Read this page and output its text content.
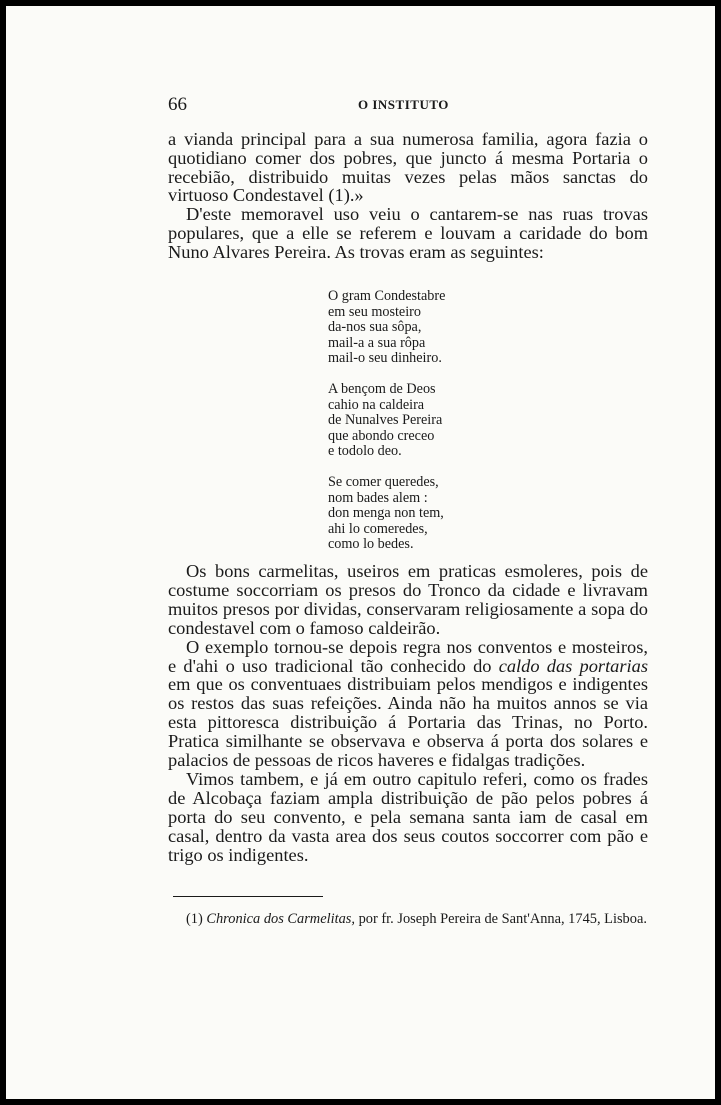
66	O INSTITUTO

a vianda principal para a sua numerosa familia, agora fazia o quotidiano comer dos pobres, que juncto á mesma Portaria o recebião, distribuido muitas vezes pelas mãos sanctas do virtuoso Condestavel (1).»

D'este memoravel uso veiu o cantarem-se nas ruas trovas populares, que a elle se referem e louvam a caridade do bom Nuno Alvares Pereira. As trovas eram as seguintes:

O gram Condestabre
em seu mosteiro
da-nos sua sôpa,
mail-a a sua rôpa
mail-o seu dinheiro.
A bençom de Deos
cahio na caldeira
de Nunalves Pereira
que abondo creceo
e todolo deo.
Se comer queredes,
nom bades alem :
don menga non tem,
ahi lo comeredes,
como lo bedes.

Os bons carmelitas, useiros em praticas esmoleres, pois de costume soccorriam os presos do Tronco da cidade e livravam muitos presos por dividas, conservaram religiosamente a sopa do condestavel com o famoso caldeirão.

O exemplo tornou-se depois regra nos conventos e mosteiros, e d'ahi o uso tradicional tão conhecido do caldo das portarias em que os conventuaes distribuiam pelos mendigos e indigentes os restos das suas refeições. Ainda não ha muitos annos se via esta pittoresca distribuição á Portaria das Trinas, no Porto. Pratica similhante se observava e observa á porta dos solares e palacios de pessoas de ricos haveres e fidalgas tradições.

Vimos tambem, e já em outro capitulo referi, como os frades de Alcobaça faziam ampla distribuição de pão pelos pobres á porta do seu convento, e pela semana santa iam de casal em casal, dentro da vasta area dos seus coutos soccorrer com pão e trigo os indigentes.

(1) Chronica dos Carmelitas, por fr. Joseph Pereira de Sant'Anna, 1745, Lisboa.
